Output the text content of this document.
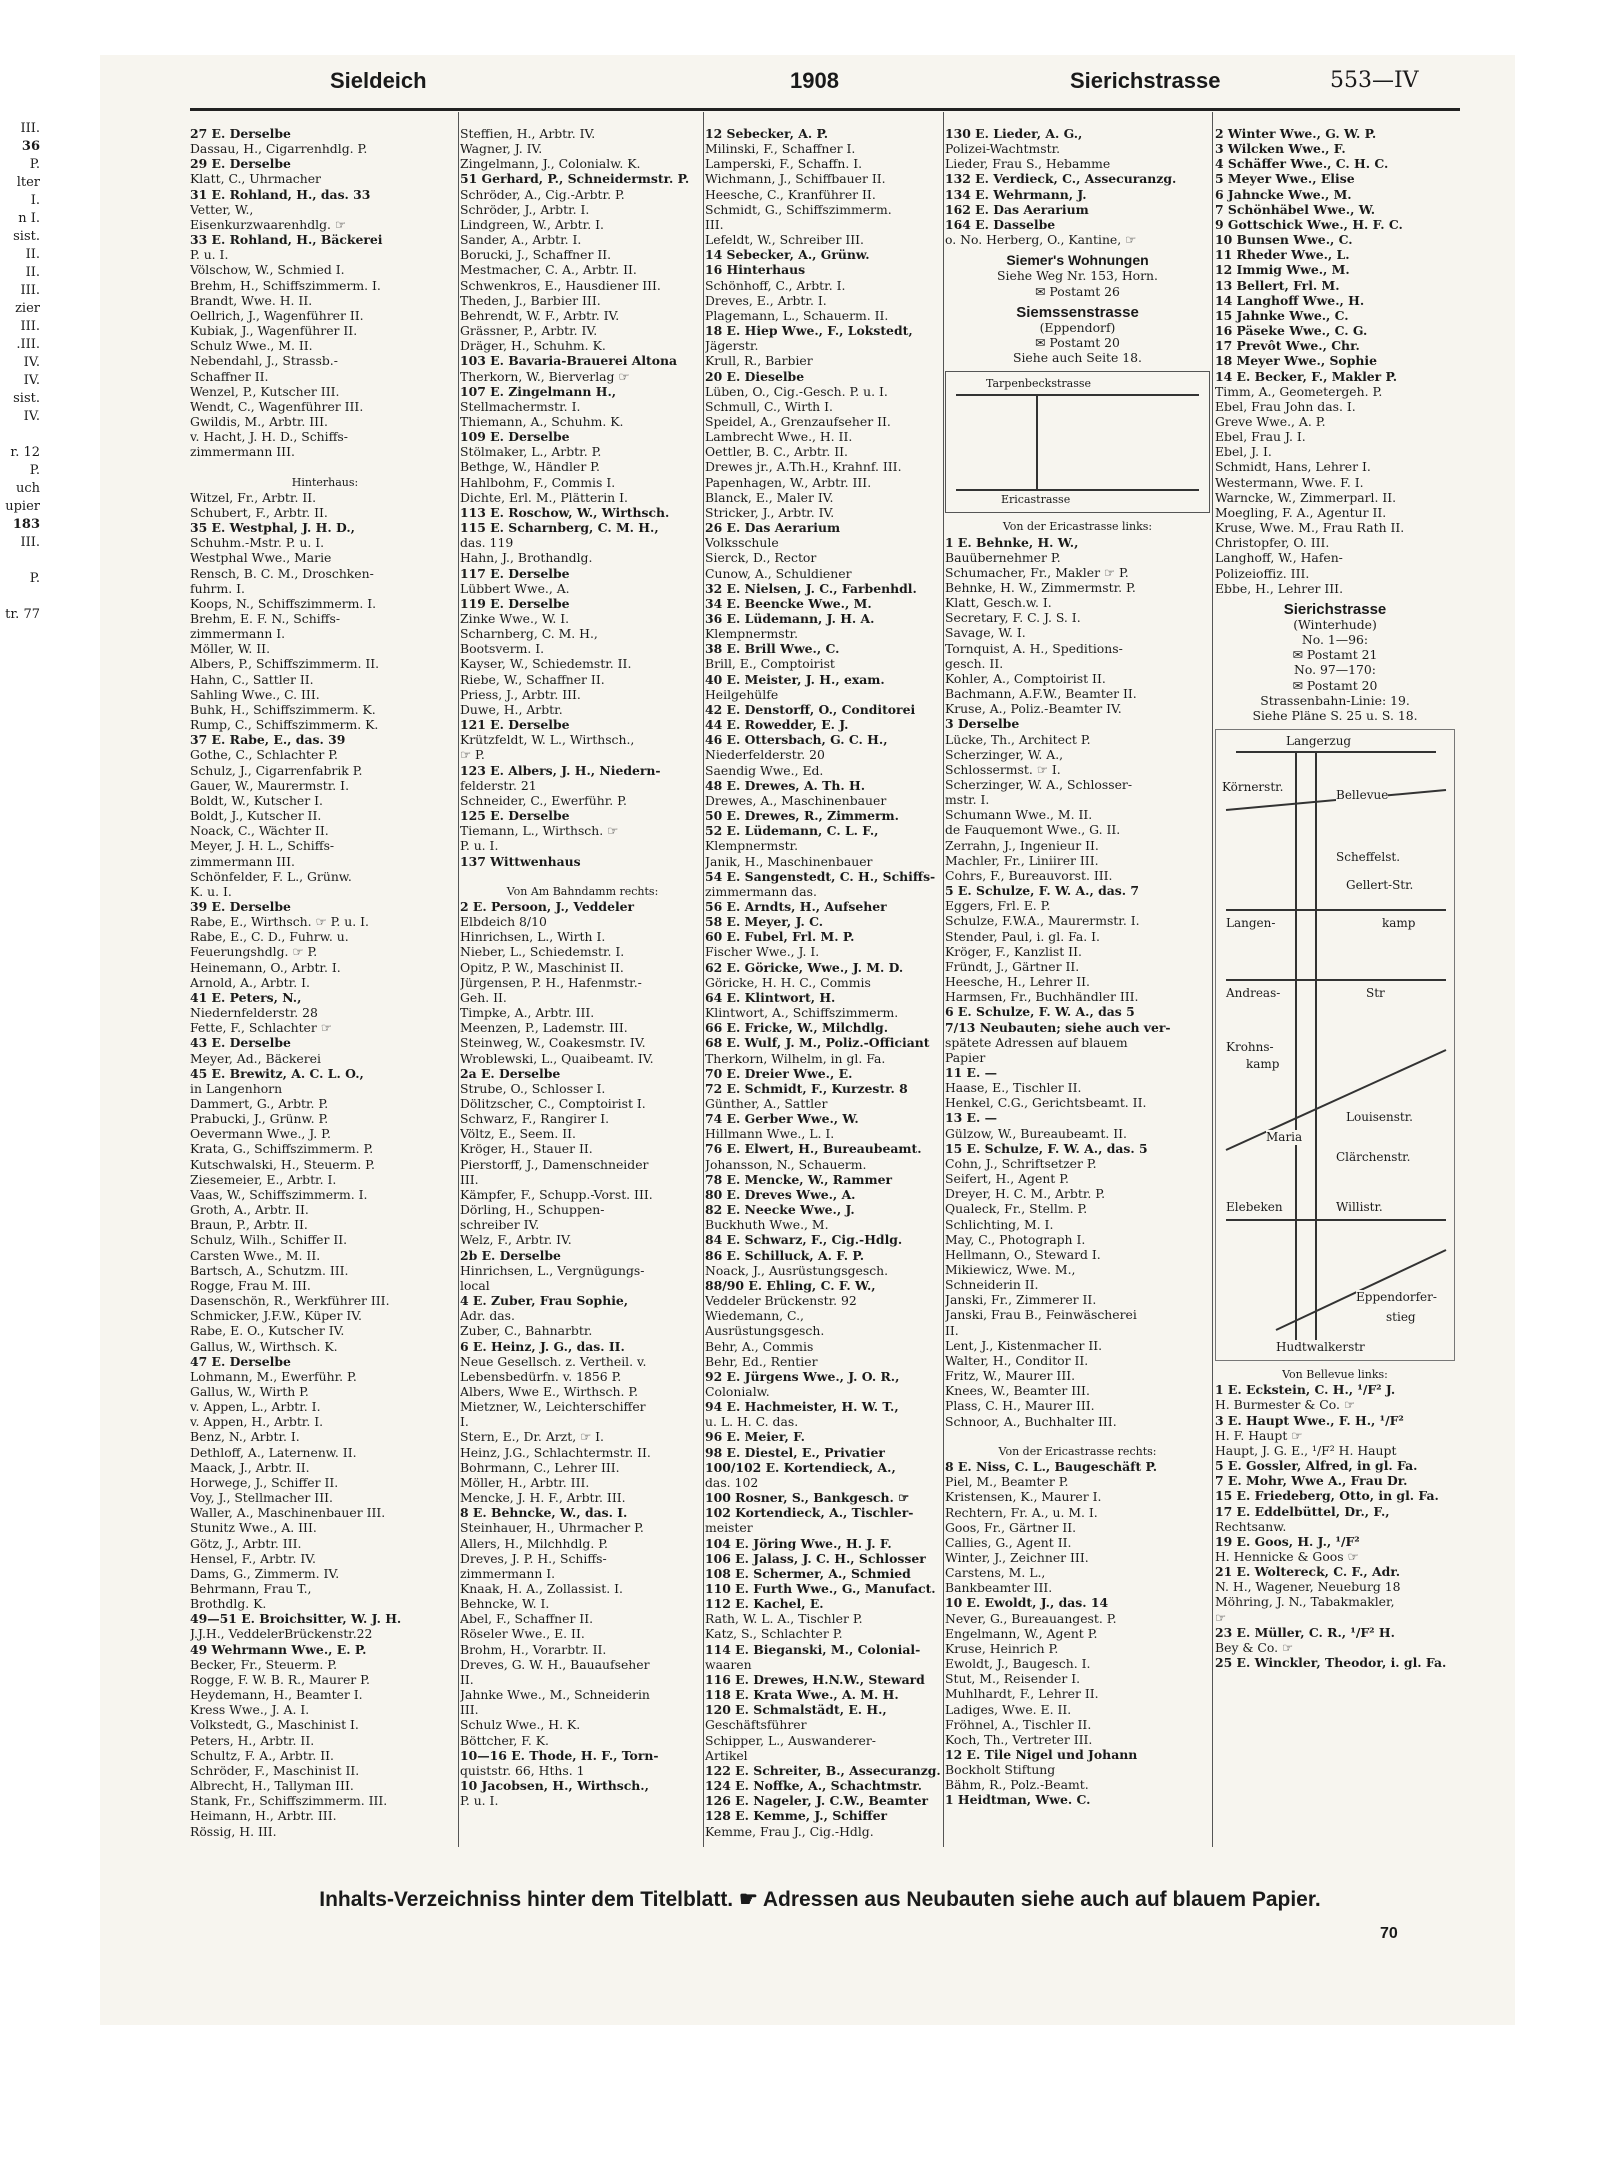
III.
36
P.
lter
I.
n I.
sist.
II.
II.
III.
zier
III.
.III.
IV.
IV.
sist.
IV.

r. 12
P.
uch
upier
183
III.

P.

tr. 77
Sieldeich	1908	Sierichstrasse	553—IV
27 E. Derselbe
Dassau, H., Cigarrenhdlg. P.
29 E. Derselbe
Klatt, C., Uhrmacher
31 E. Rohland, H., das. 33
Vetter, W.,
Eisenkurzwaarenhdlg. ☞
33 E. Rohland, H., Bäckerei
P. u. I.
Völschow, W., Schmied I.
Brehm, H., Schiffszimmerm. I.
Brandt, Wwe. H. II.
Oellrich, J., Wagenführer II.
Kubiak, J., Wagenführer II.
Schulz Wwe., M. II.
Nebendahl, J., Strassb.-
Schaffner II.
Wenzel, P., Kutscher III.
Wendt, C., Wagenführer III.
Gwildis, M., Arbtr. III.
v. Hacht, J. H. D., Schiffs-
zimmermann III.

Hinterhaus:
Witzel, Fr., Arbtr. II.
Schubert, F., Arbtr. II.
35 E. Westphal, J. H. D.,
Schuhm.-Mstr. P. u. I.
Westphal Wwe., Marie
Rensch, B. C. M., Droschken-
fuhrm. I.
Koops, N., Schiffszimmerm. I.
Brehm, E. F. N., Schiffs-
zimmermann I.
Möller, W. II.
Albers, P., Schiffszimmerm. II.
Hahn, C., Sattler II.
Sahling Wwe., C. III.
Buhk, H., Schiffszimmerm. K.
Rump, C., Schiffszimmerm. K.
37 E. Rabe, E., das. 39
Gothe, C., Schlachter P.
Schulz, J., Cigarrenfabrik P.
Gauer, W., Maurermstr. I.
Boldt, W., Kutscher I.
Boldt, J., Kutscher II.
Noack, C., Wächter II.
Meyer, J. H. L., Schiffs-
zimmermann III.
Schönfelder, F. L., Grünw.
K. u. I.
39 E. Derselbe
Rabe, E., Wirthsch. ☞ P. u. I.
Rabe, E., C. D., Fuhrw. u.
Feuerungshdlg. ☞ P.
Heinemann, O., Arbtr. I.
Arnold, A., Arbtr. I.
41 E. Peters, N.,
Niedernfelderstr. 28
Fette, F., Schlachter ☞
43 E. Derselbe
Meyer, Ad., Bäckerei
45 E. Brewitz, A. C. L. O.,
in Langenhorn
Dammert, G., Arbtr. P.
Prabucki, J., Grünw. P.
Oevermann Wwe., J. P.
Krata, G., Schiffszimmerm. P.
Kutschwalski, H., Steuerm. P.
Ziesemeier, E., Arbtr. I.
Vaas, W., Schiffszimmerm. I.
Groth, A., Arbtr. II.
Braun, P., Arbtr. II.
Schulz, Wilh., Schiffer II.
Carsten Wwe., M. II.
Bartsch, A., Schutzm. III.
Rogge, Frau M. III.
Dasenschön, R., Werkführer III.
Schmicker, J.F.W., Küper IV.
Rabe, E. O., Kutscher IV.
Gallus, W., Wirthsch. K.
47 E. Derselbe
Lohmann, M., Ewerführ. P.
Gallus, W., Wirth P.
v. Appen, L., Arbtr. I.
v. Appen, H., Arbtr. I.
Benz, N., Arbtr. I.
Dethloff, A., Laternenw. II.
Maack, J., Arbtr. II.
Horwege, J., Schiffer II.
Voy, J., Stellmacher III.
Waller, A., Maschinenbauer III.
Stunitz Wwe., A. III.
Götz, J., Arbtr. III.
Hensel, F., Arbtr. IV.
Dams, G., Zimmerm. IV.
Behrmann, Frau T.,
Brothdlg. K.
49—51 E. Broichsitter, W. J. H.
J.J.H., VeddelerBrückenstr.22
49 Wehrmann Wwe., E. P.
Becker, Fr., Steuerm. P.
Rogge, F. W. B. R., Maurer P.
Heydemann, H., Beamter I.
Kress Wwe., J. A. I.
Volkstedt, G., Maschinist I.
Peters, H., Arbtr. II.
Schultz, F. A., Arbtr. II.
Schröder, F., Maschinist II.
Albrecht, H., Tallyman III.
Stank, Fr., Schiffszimmerm. III.
Heimann, H., Arbtr. III.
Rössig, H. III.
Steffien, H., Arbtr. IV.
Wagner, J. IV.
Zingelmann, J., Colonialw. K.
51 Gerhard, P., Schneidermstr. P.
Schröder, A., Cig.-Arbtr. P.
Schröder, J., Arbtr. I.
Lindgreen, W., Arbtr. I.
Sander, A., Arbtr. I.
Borucki, J., Schaffner II.
Mestmacher, C. A., Arbtr. II.
Schwenkros, E., Hausdiener III.
Theden, J., Barbier III.
Behrendt, W. F., Arbtr. IV.
Grässner, P., Arbtr. IV.
Dräger, H., Schuhm. K.
103 E. Bavaria-Brauerei Altona
Therkorn, W., Bierverlag ☞
107 E. Zingelmann H.,
Stellmachermstr. I.
Thiemann, A., Schuhm. K.
109 E. Derselbe
Stölmaker, L., Arbtr. P.
Bethge, W., Händler P.
Hahlbohm, F., Commis I.
Dichte, Erl. M., Plätterin I.
113 E. Roschow, W., Wirthsch.
115 E. Scharnberg, C. M. H.,
das. 119
Hahn, J., Brothandlg.
117 E. Derselbe
Lübbert Wwe., A.
119 E. Derselbe
Zinke Wwe., W. I.
Scharnberg, C. M. H.,
Bootsverm. I.
Kayser, W., Schiedemstr. II.
Riebe, W., Schaffner II.
Priess, J., Arbtr. III.
Duwe, H., Arbtr.
121 E. Derselbe
Krützfeldt, W. L., Wirthsch.,
☞ P.
123 E. Albers, J. H., Niedern-
felderstr. 21
Schneider, C., Ewerführ. P.
125 E. Derselbe
Tiemann, L., Wirthsch. ☞
P. u. I.
137 Wittwenhaus

Von Am Bahndamm rechts:
2 E. Persoon, J., Veddeler
Elbdeich 8/10
Hinrichsen, L., Wirth I.
Nieber, L., Schiedemstr. I.
Opitz, P. W., Maschinist II.
Jürgensen, P. H., Hafenmstr.-
Geh. II.
Timpke, A., Arbtr. III.
Meenzen, P., Lademstr. III.
Steinweg, W., Coakesmstr. IV.
Wroblewski, L., Quaibeamt. IV.
2a E. Derselbe
Strube, O., Schlosser I.
Dölitzscher, C., Comptoirist I.
Schwarz, F., Rangirer I.
Völtz, E., Seem. II.
Kröger, H., Stauer II.
Pierstorff, J., Damenschneider
III.
Kämpfer, F., Schupp.-Vorst. III.
Dörling, H., Schuppen-
schreiber IV.
Welz, F., Arbtr. IV.
2b E. Derselbe
Hinrichsen, L., Vergnügungs-
local
4 E. Zuber, Frau Sophie,
Adr. das.
Zuber, C., Bahnarbtr.
6 E. Heinz, J. G., das. II.
Neue Gesellsch. z. Vertheil. v.
Lebensbedürfn. v. 1856 P.
Albers, Wwe E., Wirthsch. P.
Mietzner, W., Leichterschiffer
I.
Stern, E., Dr. Arzt, ☞ I.
Heinz, J.G., Schlachtermstr. II.
Bohrmann, C., Lehrer III.
Möller, H., Arbtr. III.
Mencke, J. H. F., Arbtr. III.
8 E. Behncke, W., das. I.
Steinhauer, H., Uhrmacher P.
Allers, H., Milchhdlg. P.
Dreves, J. P. H., Schiffs-
zimmermann I.
Knaak, H. A., Zollassist. I.
Behncke, W. I.
Abel, F., Schaffner II.
Röseler Wwe., E. II.
Brohm, H., Vorarbtr. II.
Dreves, G. W. H., Bauaufseher
II.
Jahnke Wwe., M., Schneiderin
III.
Schulz Wwe., H. K.
Böttcher, F. K.
10—16 E. Thode, H. F., Torn-
quiststr. 66, Hths. 1
10 Jacobsen, H., Wirthsch.,
P. u. I.
12 Sebecker, A. P.
Milinski, F., Schaffner I.
Lamperski, F., Schaffn. I.
Wichmann, J., Schiffbauer II.
Heesche, C., Kranführer II.
Schmidt, G., Schiffszimmerm.
III.
Lefeldt, W., Schreiber III.
14 Sebecker, A., Grünw.
16 Hinterhaus
Schönhoff, C., Arbtr. I.
Dreves, E., Arbtr. I.
Plagemann, L., Schauerm. II.
18 E. Hiep Wwe., F., Lokstedt,
Jägerstr.
Krull, R., Barbier
20 E. Dieselbe
Lüben, O., Cig.-Gesch. P. u. I.
Schmull, C., Wirth I.
Speidel, A., Grenzaufseher II.
Lambrecht Wwe., H. II.
Oettler, B. C., Arbtr. II.
Drewes jr., A.Th.H., Krahnf. III.
Papenhagen, W., Arbtr. III.
Blanck, E., Maler IV.
Stricker, J., Arbtr. IV.
26 E. Das Aerarium
Volksschule
Sierck, D., Rector
Cunow, A., Schuldiener
32 E. Nielsen, J. C., Farbenhdl.
34 E. Beencke Wwe., M.
36 E. Lüdemann, J. H. A.
Klempnermstr.
38 E. Brill Wwe., C.
Brill, E., Comptoirist
40 E. Meister, J. H., exam.
Heilgehülfe
42 E. Denstorff, O., Conditorei
44 E. Rowedder, E. J.
46 E. Ottersbach, G. C. H.,
Niederfelderstr. 20
Saendig Wwe., Ed.
48 E. Drewes, A. Th. H.
Drewes, A., Maschinenbauer
50 E. Drewes, R., Zimmerm.
52 E. Lüdemann, C. L. F.,
Klempnermstr.
Janik, H., Maschinenbauer
54 E. Sangenstedt, C. H., Schiffs-
zimmermann das.
56 E. Arndts, H., Aufseher
58 E. Meyer, J. C.
60 E. Fubel, Frl. M. P.
Fischer Wwe., J. I.
62 E. Göricke, Wwe., J. M. D.
Göricke, H. H. C., Commis
64 E. Klintwort, H.
Klintwort, A., Schiffszimmerm.
66 E. Fricke, W., Milchdlg.
68 E. Wulf, J. M., Poliz.-Officiant
Therkorn, Wilhelm, in gl. Fa.
70 E. Dreier Wwe., E.
72 E. Schmidt, F., Kurzestr. 8
Günther, A., Sattler
74 E. Gerber Wwe., W.
Hillmann Wwe., L. I.
76 E. Elwert, H., Bureaubeamt.
Johansson, N., Schauerm.
78 E. Mencke, W., Rammer
80 E. Dreves Wwe., A.
82 E. Neecke Wwe., J.
Buckhuth Wwe., M.
84 E. Schwarz, F., Cig.-Hdlg.
86 E. Schilluck, A. F. P.
Noack, J., Ausrüstungsgesch.
88/90 E. Ehling, C. F. W.,
Veddeler Brückenstr. 92
Wiedemann, C.,
Ausrüstungsgesch.
Behr, A., Commis
Behr, Ed., Rentier
92 E. Jürgens Wwe., J. O. R.,
Colonialw.
94 E. Hachmeister, H. W. T.,
u. L. H. C. das.
96 E. Meier, F.
98 E. Diestel, E., Privatier
100/102 E. Kortendieck, A.,
das. 102
100 Rosner, S., Bankgesch. ☞
102 Kortendieck, A., Tischler-
meister
104 E. Jöring Wwe., H. J. F.
106 E. Jalass, J. C. H., Schlosser
108 E. Schermer, A., Schmied
110 E. Furth Wwe., G., Manufact.
112 E. Kachel, E.
Rath, W. L. A., Tischler P.
Katz, S., Schlachter P.
114 E. Bieganski, M., Colonial-
waaren
116 E. Drewes, H.N.W., Steward
118 E. Krata Wwe., A. M. H.
120 E. Schmalstädt, E. H.,
Geschäftsführer
Schipper, L., Auswanderer-
Artikel
122 E. Schreiter, B., Assecuranzg.
124 E. Noffke, A., Schachtmstr.
126 E. Nageler, J. C.W., Beamter
128 E. Kemme, J., Schiffer
Kemme, Frau J., Cig.-Hdlg.
130 E. Lieder, A. G.,
Polizei-Wachtmstr.
Lieder, Frau S., Hebamme
132 E. Verdieck, C., Assecuranzg.
134 E. Wehrmann, J.
162 E. Das Aerarium
164 E. Dasselbe
o. No. Herberg, O., Kantine, ☞
Siemer's Wohnungen
Siehe Weg Nr. 153, Horn.
✉ Postamt 26
Siemssenstrasse
(Eppendorf)
✉ Postamt 20
Siehe auch Seite 18.
Tarpenbeckstrasse
Ericastrasse
Von der Ericastrasse links:
1 E. Behnke, H. W.,
Bauübernehmer P.
Schumacher, Fr., Makler ☞ P.
Behnke, H. W., Zimmermstr. P.
Klatt, Gesch.w. I.
Secretary, F. C. J. S. I.
Savage, W. I.
Tornquist, A. H., Speditions-
gesch. II.
Kohler, A., Comptoirist II.
Bachmann, A.F.W., Beamter II.
Kruse, A., Poliz.-Beamter IV.
3 Derselbe
Lücke, Th., Architect P.
Scherzinger, W. A.,
Schlossermst. ☞ I.
Scherzinger, W. A., Schlosser-
mstr. I.
Schumann Wwe., M. II.
de Fauquemont Wwe., G. II.
Zerrahn, J., Ingenieur II.
Machler, Fr., Liniirer III.
Cohrs, F., Bureauvorst. III.
5 E. Schulze, F. W. A., das. 7
Eggers, Frl. E. P.
Schulze, F.W.A., Maurermstr. I.
Stender, Paul, i. gl. Fa. I.
Kröger, F., Kanzlist II.
Fründt, J., Gärtner II.
Heesche, H., Lehrer II.
Harmsen, Fr., Buchhändler III.
6 E. Schulze, F. W. A., das 5
7/13 Neubauten; siehe auch ver-
spätete Adressen auf blauem
Papier
11 E. —
Haase, E., Tischler II.
Henkel, C.G., Gerichtsbeamt. II.
13 E. —
Gülzow, W., Bureaubeamt. II.
15 E. Schulze, F. W. A., das. 5
Cohn, J., Schriftsetzer P.
Seifert, H., Agent P.
Dreyer, H. C. M., Arbtr. P.
Qualeck, Fr., Stellm. P.
Schlichting, M. I.
May, C., Photograph I.
Hellmann, O., Steward I.
Mikiewicz, Wwe. M.,
Schneiderin II.
Janski, Fr., Zimmerer II.
Janski, Frau B., Feinwäscherei
II.
Lent, J., Kistenmacher II.
Walter, H., Conditor II.
Fritz, W., Maurer III.
Knees, W., Beamter III.
Plass, C. H., Maurer III.
Schnoor, A., Buchhalter III.

Von der Ericastrasse rechts:
8 E. Niss, C. L., Baugeschäft P.
Piel, M., Beamter P.
Kristensen, K., Maurer I.
Rechtern, Fr. A., u. M. I.
Goos, Fr., Gärtner II.
Callies, G., Agent II.
Winter, J., Zeichner III.
Carstens, M. L.,
Bankbeamter III.
10 E. Ewoldt, J., das. 14
Never, G., Bureauangest. P.
Engelmann, W., Agent P.
Kruse, Heinrich P.
Ewoldt, J., Baugesch. I.
Stut, M., Reisender I.
Muhlhardt, F., Lehrer II.
Ladiges, Wwe. E. II.
Fröhnel, A., Tischler II.
Koch, Th., Vertreter III.
12 E. Tile Nigel und Johann
Bockholt Stiftung
Bähm, R., Polz.-Beamt.
1 Heidtman, Wwe. C.
2 Winter Wwe., G. W. P.
3 Wilcken Wwe., F.
4 Schäffer Wwe., C. H. C.
5 Meyer Wwe., Elise
6 Jahncke Wwe., M.
7 Schönhäbel Wwe., W.
9 Gottschick Wwe., H. F. C.
10 Bunsen Wwe., C.
11 Rheder Wwe., L.
12 Immig Wwe., M.
13 Bellert, Frl. M.
14 Langhoff Wwe., H.
15 Jahnke Wwe., C.
16 Päseke Wwe., C. G.
17 Prevôt Wwe., Chr.
18 Meyer Wwe., Sophie
14 E. Becker, F., Makler P.
Timm, A., Geometergeh. P.
Ebel, Frau John das. I.
Greve Wwe., A. P.
Ebel, Frau J. I.
Ebel, J. I.
Schmidt, Hans, Lehrer I.
Westermann, Wwe. F. I.
Warncke, W., Zimmerparl. II.
Moegling, F. A., Agentur II.
Kruse, Wwe. M., Frau Rath II.
Christopfer, O. III.
Langhoff, W., Hafen-
Polizeioffiz. III.
Ebbe, H., Lehrer III.
Sierichstrasse
(Winterhude)
No. 1—96:
✉ Postamt 21
No. 97—170:
✉ Postamt 20
Strassenbahn-Linie: 19.
Siehe Pläne S. 25 u. S. 18.
Langerzug
Körnerstr.
Bellevue
Scheffelst.
Gellert-Str.
Langen-	kamp
Andreas-	Str
Krohns-
kamp
Maria
Louisenstr.
Clärchenstr.
Elebeken	Willistr.
Eppendorfer-
stieg
Hudtwalkerstr
Von Bellevue links:
1 E. Eckstein, C. H., ¹/F² J.
H. Burmester & Co. ☞
3 E. Haupt Wwe., F. H., ¹/F²
H. F. Haupt ☞
Haupt, J. G. E., ¹/F² H. Haupt
5 E. Gossler, Alfred, in gl. Fa.
7 E. Mohr, Wwe A., Frau Dr.
15 E. Friedeberg, Otto, in gl. Fa.
17 E. Eddelbüttel, Dr., F.,
Rechtsanw.
19 E. Goos, H. J., ¹/F²
H. Hennicke & Goos ☞
21 E. Woltereck, C. F., Adr.
N. H., Wagener, Neueburg 18
Möhring, J. N., Tabakmakler,
☞
23 E. Müller, C. R., ¹/F² H.
Bey & Co. ☞
25 E. Winckler, Theodor, i. gl. Fa.
Inhalts-Verzeichniss hinter dem Titelblatt. ☛ Adressen aus Neubauten siehe auch auf blauem Papier.
70
